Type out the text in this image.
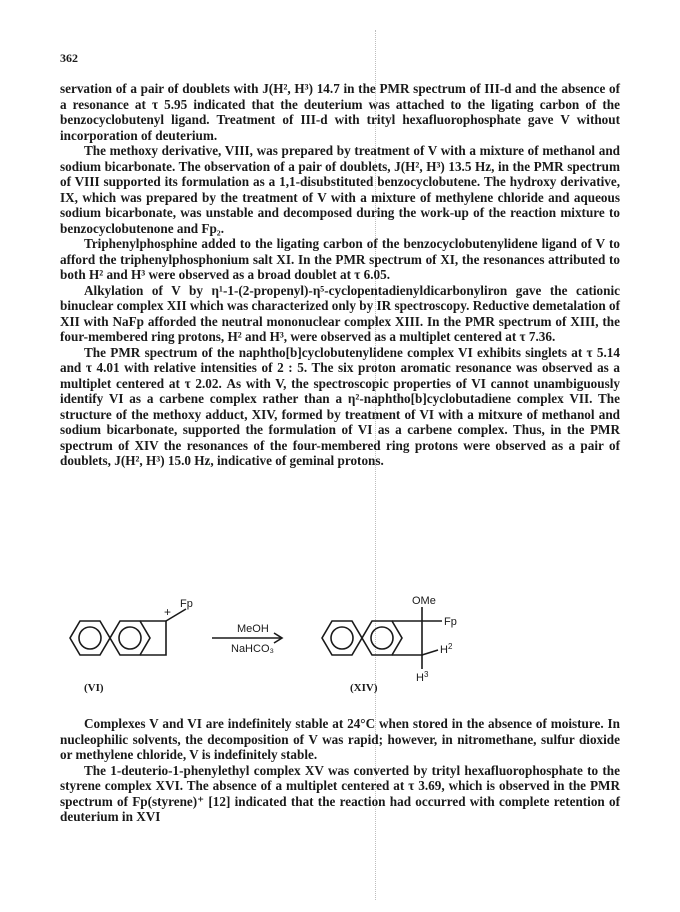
362

servation of a pair of doublets with J(H², H³) 14.7 in the PMR spectrum of III-d and the absence of a resonance at τ 5.95 indicated that the deuterium was attached to the ligating carbon of the benzocyclobutenyl ligand. Treatment of III-d with trityl hexafluorophosphate gave V without incorporation of deuterium.

The methoxy derivative, VIII, was prepared by treatment of V with a mixture of methanol and sodium bicarbonate. The observation of a pair of doublets, J(H², H³) 13.5 Hz, in the PMR spectrum of VIII supported its formulation as a 1,1-disubstituted benzocyclobutene. The hydroxy derivative, IX, which was prepared by the treatment of V with a mixture of methylene chloride and aqueous sodium bicarbonate, was unstable and decomposed during the work-up of the reaction mixture to benzocyclobutenone and Fp₂.

Triphenylphosphine added to the ligating carbon of the benzocyclobutenylidene ligand of V to afford the triphenylphosphonium salt XI. In the PMR spectrum of XI, the resonances attributed to both H² and H³ were observed as a broad doublet at τ 6.05.

Alkylation of V by η¹-1-(2-propenyl)-η⁵-cyclopentadienyldicarbonyliron gave the cationic binuclear complex XII which was characterized only by IR spectroscopy. Reductive demetalation of XII with NaFp afforded the neutral mononuclear complex XIII. In the PMR spectrum of XIII, the four-membered ring protons, H² and H³, were observed as a multiplet centered at τ 7.36.

The PMR spectrum of the naphtho[b]cyclobutenylidene complex VI exhibits singlets at τ 5.14 and τ 4.01 with relative intensities of 2 : 5. The six proton aromatic resonance was observed as a multiplet centered at τ 2.02. As with V, the spectroscopic properties of VI cannot unambiguously identify VI as a carbene complex rather than a η²-naphtho[b]cyclobutadiene complex VII. The structure of the methoxy adduct, XIV, formed by treatment of VI with a mitxure of methanol and sodium bicarbonate, supported the formulation of VI as a carbene complex. Thus, in the PMR spectrum of XIV the resonances of the four-membered ring protons were observed as a pair of doublets, J(H², H³) 15.0 Hz, indicative of geminal protons.

Fp
+
MeOH
NaHCO₃
OMe
Fp
$H^2$
$H^3$
(VI)	(XIV)

Complexes V and VI are indefinitely stable at 24°C when stored in the absence of moisture. In nucleophilic solvents, the decomposition of V was rapid; however, in nitromethane, sulfur dioxide or methylene chloride, V is indefinitely stable.

The 1-deuterio-1-phenylethyl complex XV was converted by trityl hexafluorophosphate to the styrene complex XVI. The absence of a multiplet centered at τ 3.69, which is observed in the PMR spectrum of Fp(styrene)⁺ [12] indicated that the reaction had occurred with complete retention of deuterium in XVI
